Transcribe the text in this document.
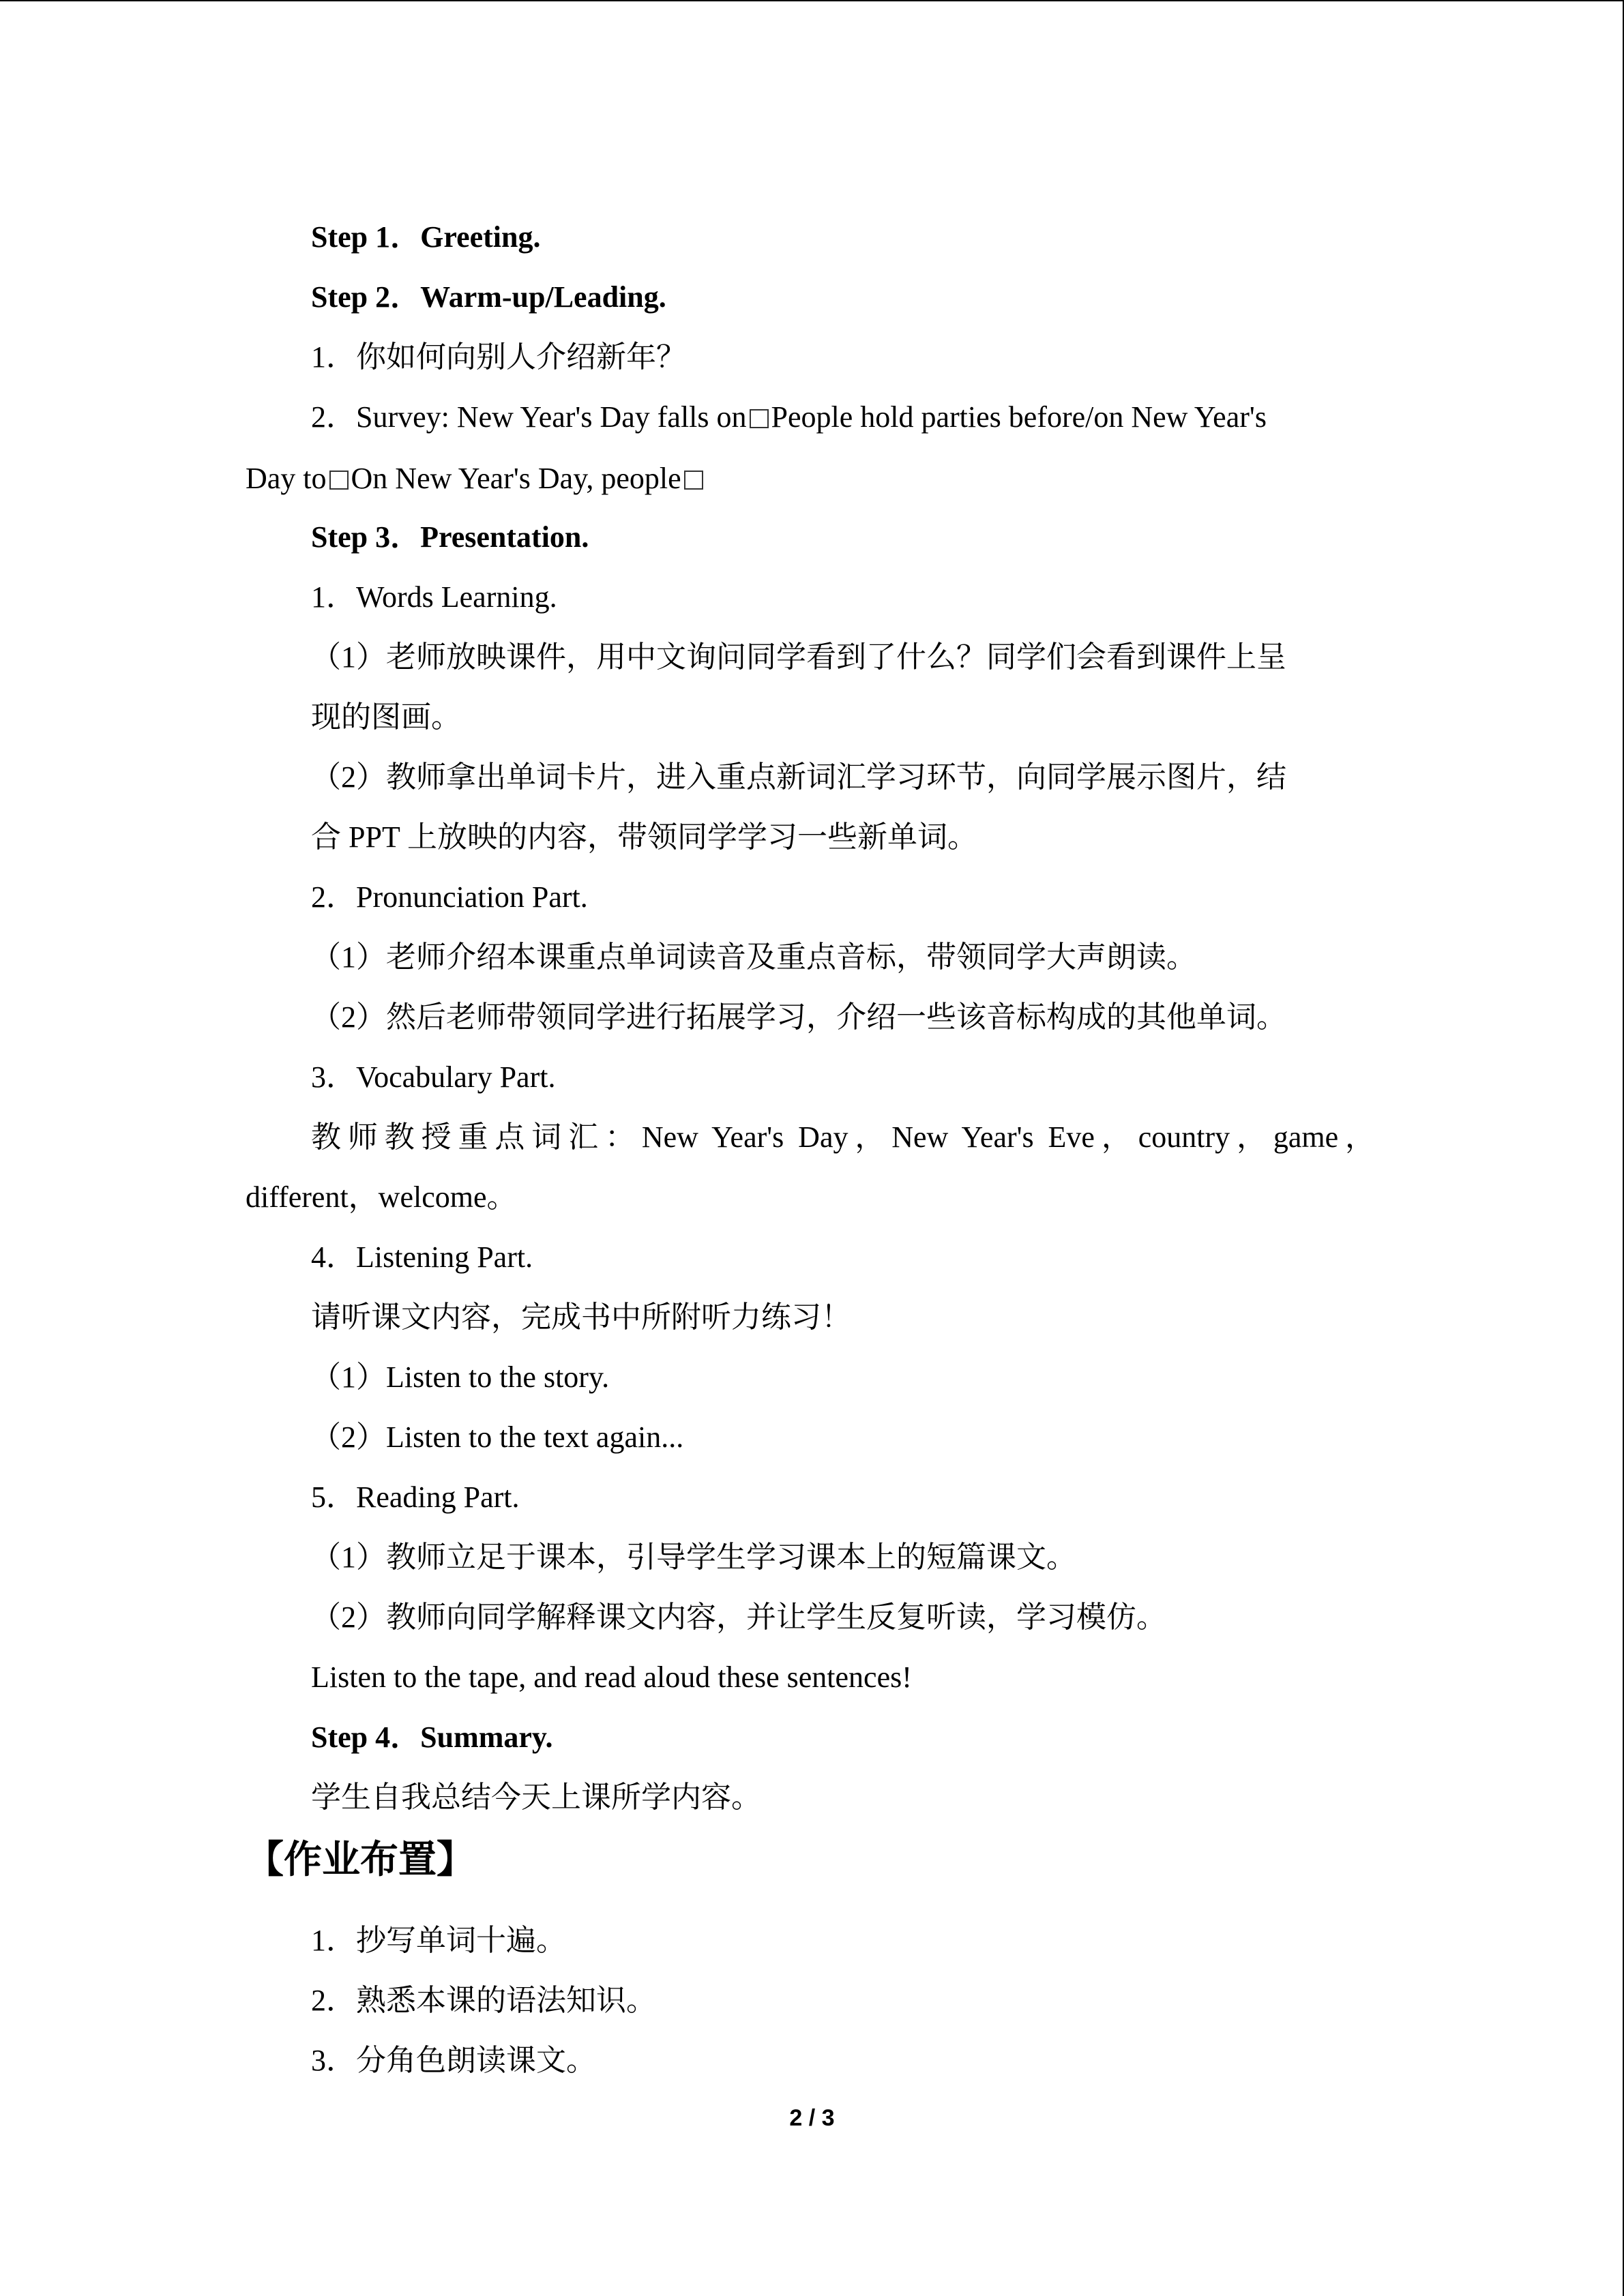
Step 1．Greeting.
Step 2．Warm-up/Leading.
1．你如何向别人介绍新年？
2．Survey: New Year's Day falls on People hold parties before/on New Year's
Day to On New Year's Day, people
Step 3．Presentation.
1．Words Learning.
（1）老师放映课件，用中文询问同学看到了什么？同学们会看到课件上呈
现的图画。
（2）教师拿出单词卡片，进入重点新词汇学习环节，向同学展示图片，结
合 PPT 上放映的内容，带领同学学习一些新单词。
2．Pronunciation Part.
（1）老师介绍本课重点单词读音及重点音标，带领同学大声朗读。
（2）然后老师带领同学进行拓展学习，介绍一些该音标构成的其他单词。
3．Vocabulary Part.
教师教授重点词汇：New Year's Day，New Year's Eve，country，game，
different，welcome。
4．Listening Part.
请听课文内容，完成书中所附听力练习！
（1）Listen to the story.
（2）Listen to the text again...
5．Reading Part.
（1）教师立足于课本，引导学生学习课本上的短篇课文。
（2）教师向同学解释课文内容，并让学生反复听读，学习模仿。
Listen to the tape, and read aloud these sentences!
Step 4．Summary.
学生自我总结今天上课所学内容。
【作业布置】
1．抄写单词十遍。
2．熟悉本课的语法知识。
3．分角色朗读课文。
2 / 3
